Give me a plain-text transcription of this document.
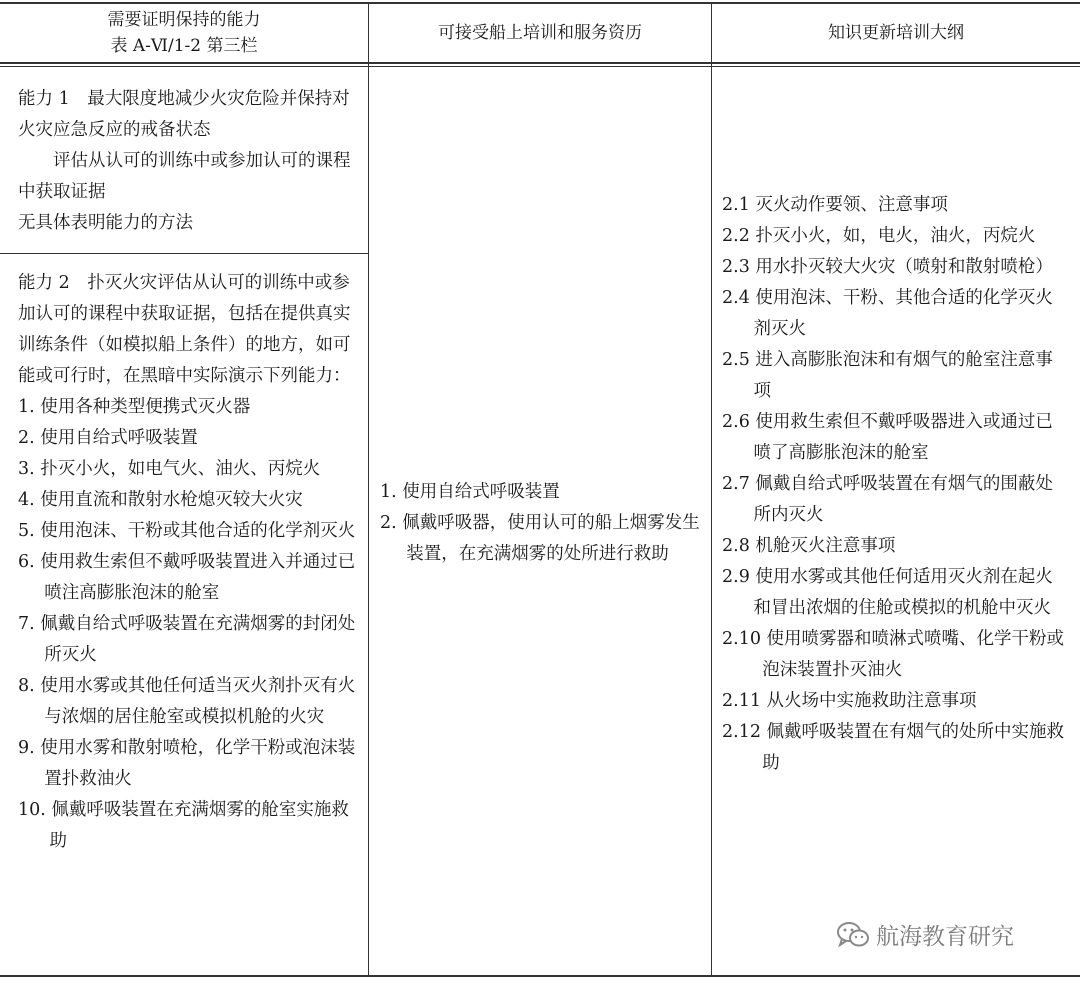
需要证明保持的能力
表 A-Ⅵ/1-2 第三栏
可接受船上培训和服务资历	知识更新培训大纲

能力 1　最大限度地减少火灾危险并保持对火灾应急反应的戒备状态

评估从认可的训练中或参加认可的课程中获取证据

无具体表明能力的方法

能力 2　扑灭火灾评估从认可的训练中或参加认可的课程中获取证据，包括在提供真实训练条件（如模拟船上条件）的地方，如可能或可行时，在黑暗中实际演示下列能力：

1. 使用各种类型便携式灭火器

2. 使用自给式呼吸装置

3. 扑灭小火，如电气火、油火、丙烷火

4. 使用直流和散射水枪熄灭较大火灾

5. 使用泡沫、干粉或其他合适的化学剂灭火

6. 使用救生索但不戴呼吸装置进入并通过已喷注高膨胀泡沫的舱室

7. 佩戴自给式呼吸装置在充满烟雾的封闭处所灭火

8. 使用水雾或其他任何适当灭火剂扑灭有火与浓烟的居住舱室或模拟机舱的火灾

9. 使用水雾和散射喷枪，化学干粉或泡沫装置扑救油火

10. 佩戴呼吸装置在充满烟雾的舱室实施救助

1. 使用自给式呼吸装置

2. 佩戴呼吸器，使用认可的船上烟雾发生装置，在充满烟雾的处所进行救助

2.1 灭火动作要领、注意事项

2.2 扑灭小火，如，电火，油火，丙烷火

2.3 用水扑灭较大火灾（喷射和散射喷枪）

2.4 使用泡沫、干粉、其他合适的化学灭火剂灭火

2.5 进入高膨胀泡沫和有烟气的舱室注意事项

2.6 使用救生索但不戴呼吸器进入或通过已喷了高膨胀泡沫的舱室

2.7 佩戴自给式呼吸装置在有烟气的围蔽处所内灭火

2.8 机舱灭火注意事项

2.9 使用水雾或其他任何适用灭火剂在起火和冒出浓烟的住舱或模拟的机舱中灭火

2.10 使用喷雾器和喷淋式喷嘴、化学干粉或泡沫装置扑灭油火

2.11 从火场中实施救助注意事项

2.12 佩戴呼吸装置在有烟气的处所中实施救助

航海教育研究
